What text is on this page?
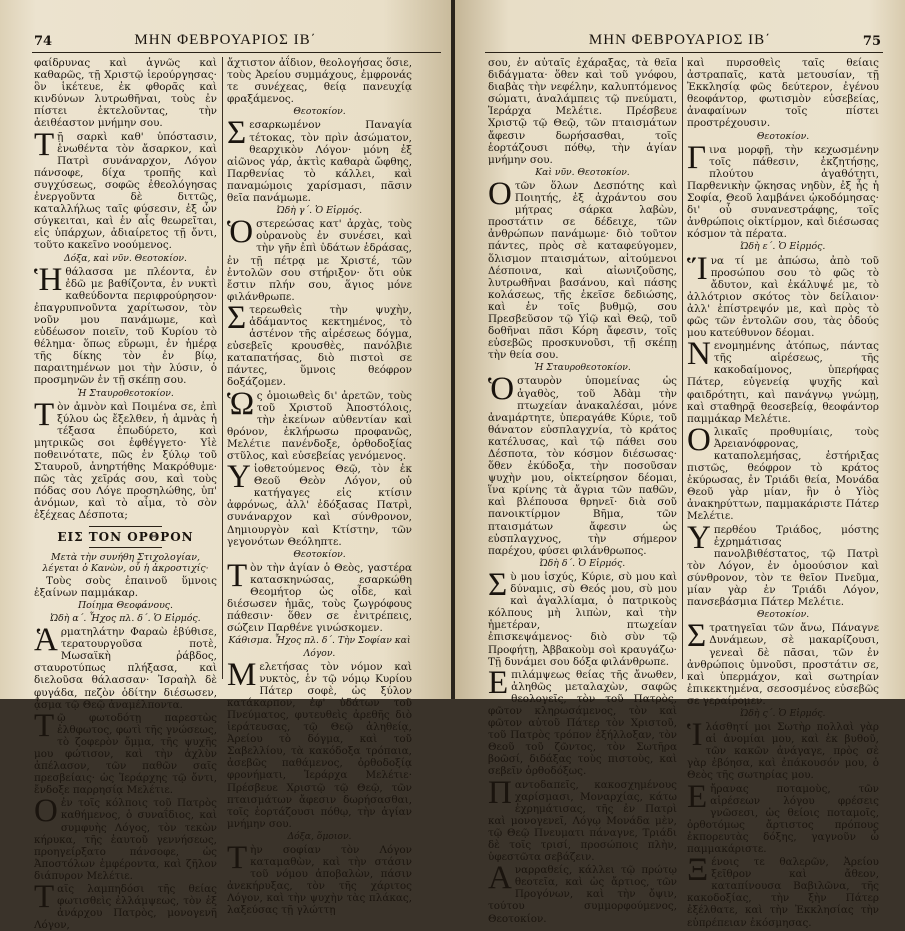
74	ΜΗΝ ΦΕΒΡΟΥΑΡΙΟΣ ΙΒ΄

φαίδρυνας καὶ ἁγνῶς καὶ καθαρῶς, τῇ Χριστῷ ἱερούργησας· ὃν ἱκέτευε, ἐκ φθορᾶς καὶ κινδύνων λυτρωθῆναι, τοὺς ἐν πίστει ἐκτελοῦντας, τὴν ἀειθέαστον μνήμην σου.

Τῇ σαρκὶ καθ' ὑπόστασιν, ἑνωθέντα τὸν ἄσαρκον, καὶ Πατρὶ συνάναρχον, Λόγον πάνσοφε, δίχα τροπῆς καὶ συγχύσεως, σοφῶς ἐθεολόγησας ἐνεργοῦντα δὲ διττῶς, καταλλήλως ταῖς φύσεσιν, ἐξ ὧν σύγκειται, καὶ ἐν αἷς θεωρεῖται, εἰς ὑπάρχων, ἀδιαίρετος τῇ ὄντι, τοῦτο κακεῖνο νοούμενος.

Δόξα, καὶ νῦν. Θεοτοκίον.

Ἡθάλασσα με πλέοντα, ἐν ἐδῶ με βαθίζοντα, ἐν νυκτὶ καθεύδοντα περιφρούρησον· ἐπαγρυπνοῦντα χαρίτωσον, τὸν νοῦν μου πανάμωμε, καὶ εὐδέωσον ποιεῖν, τοῦ Κυρίου τὸ θέλημα· ὅπως εὕρωμι, ἐν ἡμέρᾳ τῆς δίκης τὸν ἐν βίῳ, παραιτημένων μοι τὴν λύσιν, ὁ προσμηνῶν ἐν τῇ σκέπῃ σου.

Ἡ Σταυροθεοτοκίον.

Τὸν ἀμνὸν καὶ Ποιμένα σε, ἐπὶ ξύλου ὡς ἔξελθεν, ἡ ἀμνὰς ἡ τέξασα ἐπωδύρετο, καὶ μητρικῶς σοι ἐφθέγγετο· Υἱὲ ποθεινότατε, πῶς ἐν ξύλῳ τοῦ Σταυροῦ, ἀνηρτήθης Μακρόθυμε· πῶς τὰς χεῖράς σου, καὶ τοὺς πόδας σου Λόγε προσηλώθης, ὑπ' ἀνόμων, καὶ τὸ αἷμα, τὸ σὸν ἐξέχεας Δέσποτα;

ΕΙΣ ΤΟΝ ΟΡΘΡΟΝ
Μετὰ τὴν συνήθη Στιχολογίαν, λέγεται ὁ Κανὼν, οὗ ἡ ἀκροστιχίς·

Τοὺς σοὺς ἐπαινοῦ ὕμνοις ἐξαίνων παμμάκαρ.

Ποίημα Θεοφάνους.
Ὠδὴ α΄. Ἦχος πλ. δ΄. Ὁ Εἱρμός.

Ἁρματηλάτην Φαραὼ ἐβύθισε, τερατουργοῦσα ποτὲ, Μωσαϊκὴ ῥάβδος, σταυροτύπως πλήξασα, καὶ διελοῦσα θάλασσαν· Ἰσραὴλ δὲ φυγάδα, πεζὸν ὁδίτην διέσωσεν, ᾆσμα τῷ Θεῷ ἀναμέλποντα.

Τῷ φωτοδότῃ παρεστὼς ἐλθφωτος, φωτὶ τῆς γνώσεως, τὸ ζοφερὸν ὄμμα, τῆς ψυχῆς μου φώτισον, καὶ τὴν ἀχλὺν ἀπέλασον, τῶν παθῶν σαῖς πρεσβείαις· ὡς Ἱεράρχης τῷ ὄντι, ἔνδοξε παρρησίᾳ Μελέτιε.

Οἐν τοῖς κόλποις τοῦ Πατρὸς καθήμενος, ὁ συναΐδιος, καὶ συμφυὴς Λόγος, τὸν τεκὼν κήρυκα, τῆς ἑαυτοῦ γεννήσεως, προηγείρξατο πάνσοφε, ὡς Ἀποστόλων ἐμφέροντα, καὶ ζῆλον διάπυρον Μελέτιε.

Ταῖς λαμπηδόσι τῆς θείας φωτισθεὶς ἐλλάμψεως, τὸν ἐξ ἀνάρχου Πατρὸς, μονογενῆ Λόγον,

ἄχτιστον ἀΐδιον, θεολογήσας ὅσιε, τοὺς Ἀρείου συμμάχους, ἐμφρονάς τε συνέχεας, θείᾳ πανευχίᾳ φραξάμενος.

Θεοτοκίον.

Σεσαρκωμένον Παναγία τέτοκας, τὸν πρὶν ἀσώματον, θεαρχικὸν Λόγον· μόνη ἐξ αἰῶνος γάρ, ἀκτὶς καθαρὰ ὤφθης, Παρθενίας τὸ κάλλει, καὶ παναμώμοις χαρίσμασι, πᾶσιν θεῖα πανάμωμε.

Ὠδὴ γ΄. Ὁ Εἱρμός.

Ὁστερεώσας κατ' ἀρχὰς, τοὺς οὐρανοὺς ἐν συνέσει, καὶ τὴν γῆν ἐπὶ ὑδάτων ἑδράσας, ἐν τῇ πέτρᾳ με Χριστέ, τῶν ἐντολῶν σου στήριξον· ὅτι οὐκ ἔστιν πλήν σου, ἅγιος μόνε φιλάνθρωπε.

Στερεωθεὶς τὴν ψυχὴν, ἀδάμαντος κεκτημένος, τὸ ἀστένον τῆς αἱρέσεως δόγμα, εὐσεβεῖς κρουσθὲς, πανόλβιε καταπατήσας, διὸ πιστοὶ σε πάντες, ὕμνοις θεόφρον δοξάζομεν.

Ὡς ὁμοιωθεὶς δι' ἀρετῶν, τοὺς τοῦ Χριστοῦ Ἀποστόλοις, τὴν ἐκείνων αὐθεντίαν καὶ θρόνον, ἐκλήρωσω προφανῶς, Μελέτιε πανένδοξε, ὀρθοδοξίας στῦλος, καὶ εὐσεβείας γενόμενος.

Υἱοθετούμενος Θεῷ, τὸν ἐκ Θεοῦ Θεὸν Λόγον, οὐ κατήγαγες εἰς κτίσιν ἀφρόνως, ἀλλ' ἐδόξασας Πατρὶ, συνάναρχον καὶ σύνθρονον, Δημιουργὸν καὶ Κτίστην, τῶν γεγονότων Θεόληπτε.

Θεοτοκίον.

Τὸν τὴν ἀγίαν ὁ Θεὸς, γαστέρα κατασκηνώσας, εσαρκώθη Θεομήτορ ὡς οἶδε, καὶ διέσωσεν ἡμᾶς, τοὺς ζωγρόφους πάθεσιν· ὅθεν σε ἐνιτρέπεις, σώζειν Παρθένε γινώσκομεν.

Κάθισμα. Ἦχος πλ. δ΄. Τὴν Σοφίαν καὶ Λόγον.

Μελετήσας τὸν νόμον καὶ νυκτὸς, ἐν τῷ νόμῳ Κυρίου Πάτερ σοφὲ, ὡς ξύλον κατάκαρπον, ἐφ' ὑδάτων τοῦ Πνεύματος, φυτευθεὶς ἀρεθῆς διὸ ἱεράτευσας, τῷ Θεῷ ἀληθείᾳ, Ἀρείου τὸ δόγμα, καὶ τοῦ Σαβελλίου, τὰ κακόδοξα τρόπαια, ἀσεβῶς παθάμενος, ὀρθοδοξίᾳ φρονήματι, Ἱεράρχα Μελέτιε· Πρέσβευε Χριστῷ τῷ Θεῷ, τῶν πταισμάτων ἄφεσιν δωρήσασθαι, τοῖς ἑορτάζουσι πόθῳ, τὴν ἁγίαν μνήμην σου.

Δόξα, ὅμοιον.

Τὴν σοφίαν τὸν Λόγον καταμαθὼν, καὶ τὴν στάσιν τοῦ νόμου ἀποβαλὼν, πάσιν ἀνεκήρυξας, τὸν τῆς χάριτος Λόγον, καὶ τὴν ψυχὴν τὰς πλάκας, λαξεύσας τῇ γλώττῃ

ΜΗΝ ΦΕΒΡΟΥΑΡΙΟΣ ΙΒ΄	75

σου, ἐν αὐταῖς ἐχάραξας, τὰ θεῖα διδάγματα· ὅθεν καὶ τοῦ γνόφου, διαβὰς τὴν νεφέλην, καλυπτόμενος σώματι, ἀναλάμπεις τῷ πνεύματι, Ἱεράρχα Μελέτιε. Πρέσβευε Χριστῷ τῷ Θεῷ, τῶν πταισμάτων ἄφεσιν δωρήσασθαι, τοῖς ἑορτάζουσι πόθῳ, τὴν ἁγίαν μνήμην σου.

Καὶ νῦν. Θεοτοκίον.

Οτῶν ὅλων Δεσπότης καὶ Ποιητής, ἐξ ἀχράντου σου μήτρας σάρκα λαβὼν, προστάτιν σε δέδειχε, τῶν ἀνθρώπων πανάμωμε· διὸ τοῦτον πάντες, πρὸς σὲ καταφεύγομεν, ὅλισμον πταισμάτων, αἰτούμενοι Δέσποινα, καὶ αἰωνιζοῦσης, λυτρωθῆναι βασάνου, καὶ πάσης κολάσεως, τῆς ἐκεῖσε δεδιώσης, καὶ ἐν τοῖς βυθμῷ, σου Πρεσβεῦσον τῷ Υἱῷ καὶ Θεῷ, τοῦ δοθῆναι πᾶσι Κόρη ἄφεσιν, τοῖς εὐσεβῶς προσκυνοῦσι, τῇ σκέπῃ τὴν θεία σου.

Ἡ Σταυροθεοτοκίον.

Ὁσταυρὸν ὑπομείνας ὡς ἀγαθὸς, τοῦ Ἀδὰμ τὴν πτωχείαν ἀνακαλέσαι, μόνε ἀναμάρτητε, ὑπεραγάθε Κύριε, τοῦ θάνατον εὐσπλαγχνία, τὸ κράτος κατέλυσας, καὶ τῷ πάθει σου Δέσποτα, τὸν κόσμον διέσωσας· ὅθεν ἐκύδοξα, τὴν ποσοῦσαν ψυχὴν μου, οἰκτείρησον δέομαι, ἵνα κρίνης τὰ ἄγρια τῶν παθῶν, καὶ βλέπουσα θρηνεῖ· διὰ σοῦ πανοικτίρμον Βῆμα, τῶν πταισμάτων ἄφεσιν ὡς εὐσπλαγχνος, τὴν σήμερον παρέχου, φύσει φιλάνθρωπος.

Ὠδὴ δ΄. Ὁ Εἱρμός.

Σὺ μου ἰσχύς, Κύριε, σὺ μου καὶ δύναμις, σὺ Θεός μου, σὺ μου καὶ ἀγαλλίαμα, ὁ πατρικοὺς κόλπους μὴ λιπὼν, καὶ τὴν ἡμετέραν, πτωχείαν ἐπισκεψάμενος· διὸ σὺν τῷ Προφήτῃ, Ἀββακοὺμ σοὶ κραυγάζω· Τῇ δυνάμει σου δόξα φιλάνθρωπε.

Επιλάμψεως θείας τῆς ἄνωθεν, ἀληθῶς μεταλαχὼν, σαφῶς θεολογεῖς, τὸν τοῦ Πατρὸς, φῶτον κληρωσάμενος, τὸν καὶ φῶτον αὐτοῦ Πάτερ τὸν Χριστοῦ, τοῦ Πατρὸς τρόπον ἐξήλλοξαν, τὸν Θεοῦ τοῦ ζῶντος, τὸν Σωτῆρα βοῶσί, διδάξας τοὺς πιστοὺς, καὶ σεβεῖν ὀρθοδόξως.

Παντοδαπεῖς, κακοσχημένους χαρίσμασι, Μοναρχίας, κάτω ἐχρημάτισας, τῆς ἐν Πατρὶ καὶ μονογενεῖ, Λόγῳ Μονάδα μὲν, τῷ Θεῷ Πνευματι πάναγνε, Τριάδι δὲ τοῖς τρισί, προσώποις πλὴν, ὑφεστῶτα σεβάζειν.

Αναρραθείς, κάλλει τῷ πρώτῳ θεοτεῖα, καὶ ὡς ἄρτιος, τῶν Προγόνων, καὶ τὴν ὄψιν, τούτου συμμορφούμενος, Θεοτοκίον.

καὶ πυρσοθεὶς ταῖς θείαις ἀστραπαῖς, κατὰ μετουσίαν, τῇ Ἐκκλησίᾳ φῶς δεύτερον, ἐγένου θεοφάντορ, φωτισμὸν εὐσεβείας, ἀναφαίνων τοῖς πίστει προστρέχουσιν.

Θεοτοκίον.

Γινα μορφῇ, τὴν κεχωσμένην τοῖς πάθεσιν, ἐκζητήσῃς, πλούτου ἀγαθότητι, Παρθενικὴν ᾤκησας νηδὺν, ἐξ ἧς ἡ Σοφία, Θεοῦ λαμβάνει ᾠκοδόμησας· δι' οὗ συνανεστράφης, τοῖς ἀνθρώποις οἰκτίρμον, καὶ διέσωσας κόσμον τὰ πέρατα.

Ὠδὴ ε΄. Ὁ Εἱρμός.

Ἵνα τί με ἀπώσω, ἀπὸ τοῦ προσώπου σου τὸ φῶς τὸ ἄδυτον, καὶ ἐκάλυψέ με, τὸ ἀλλότριον σκότος τὸν δείλαιον· ἀλλ' ἐπίστρεψόν με, καὶ πρὸς τὸ φῶς τῶν ἐντολῶν σου, τὰς ὁδούς μου κατεύθυνον δέομαι.

Νενομημένης ἀτόπως, πάντας τῆς αἱρέσεως, τῆς κακοδαίμονος, ὑπερήφας Πάτερ, εὐγενείᾳ ψυχῆς καὶ φαιδρότητι, καὶ πανάγνῳ γνώμῃ, καὶ σταθηρᾷ θεοσεβείᾳ, θεοφάντορ παμμάκαρ Μελέτιε.

Ολικαῖς προθυμίαις, τοὺς Ἀρειανόφρονας, καταπολεμήσας, ἐστήριξας πιστῶς, θεόφρον τὸ κράτος ἐκύρωσας, ἐν Τριάδι θεία, Μονάδα Θεοῦ γὰρ μίαν, ἣν ὁ Υἱὸς ἀνακηρύττων, παμμακάριστε Πάτερ Μελέτιε.

Υπερθέου Τριάδος, μόστης ἐχρημάτισας πανολβιθέστατος, τῷ Πατρὶ τὸν Λόγον, ἐν ὁμοούσιον καὶ σύνθρονον, τὸν τε θεῖον Πνεῦμα, μίαν γὰρ ἐν Τριάδι Λόγον, πανσεβάσμια Πάτερ Μελέτιε.

Θεοτοκίον.

Στρατηγεῖαι τῶν ἄνω, Πάναγνε Δυνάμεων, σὲ μακαρίζουσι, γενεαὶ δὲ πᾶσαι, τῶν ἐν ἀνθρώποις ὑμνοῦσι, προστάτιν σε, καὶ ὑπερμάχον, καὶ σωτηρίαν ἐπικεκτημένα, σεσοσμένος εὐσεβῶς σε γεραίρομεν.

Ὠδὴ ς΄. Ὁ Εἱρμός.

Ἱλάσθητί μοι Σωτὴρ πολλαὶ γὰρ αἱ ἀνομίαι μου, καὶ ἐκ βυθοῦ, τῶν κακῶν ἀνάγαγε, πρὸς σὲ γὰρ ἐβόησα, καὶ ἐπάκουσόν μου, ὁ Θεὸς τῆς σωτηρίας μου.

Εἤρανας ποταμοὺς, τῶν αἱρέσεων λόγου φρέσεις γνῶσεσι, ὡς θείοις ποταμοῖς, ὀρθοτόμως ἄρτιστος πρόπους ἐκπορευτὰς δόξης, γαγνοῦν ὦ παμμακάριστε.

Ξένοις τε θαλερῶν, Ἀρείου ξεῖθρον καὶ ἄθεον, καταπίνουσα Βαβιλῶνα, τῆς κακοδοξίας, τὴν ξὴν Πάτερ ἐξέλθατε, καὶ τὴν Ἐκκλησίας τὴν εὐπρέπειαν ἐκόσμησας.
